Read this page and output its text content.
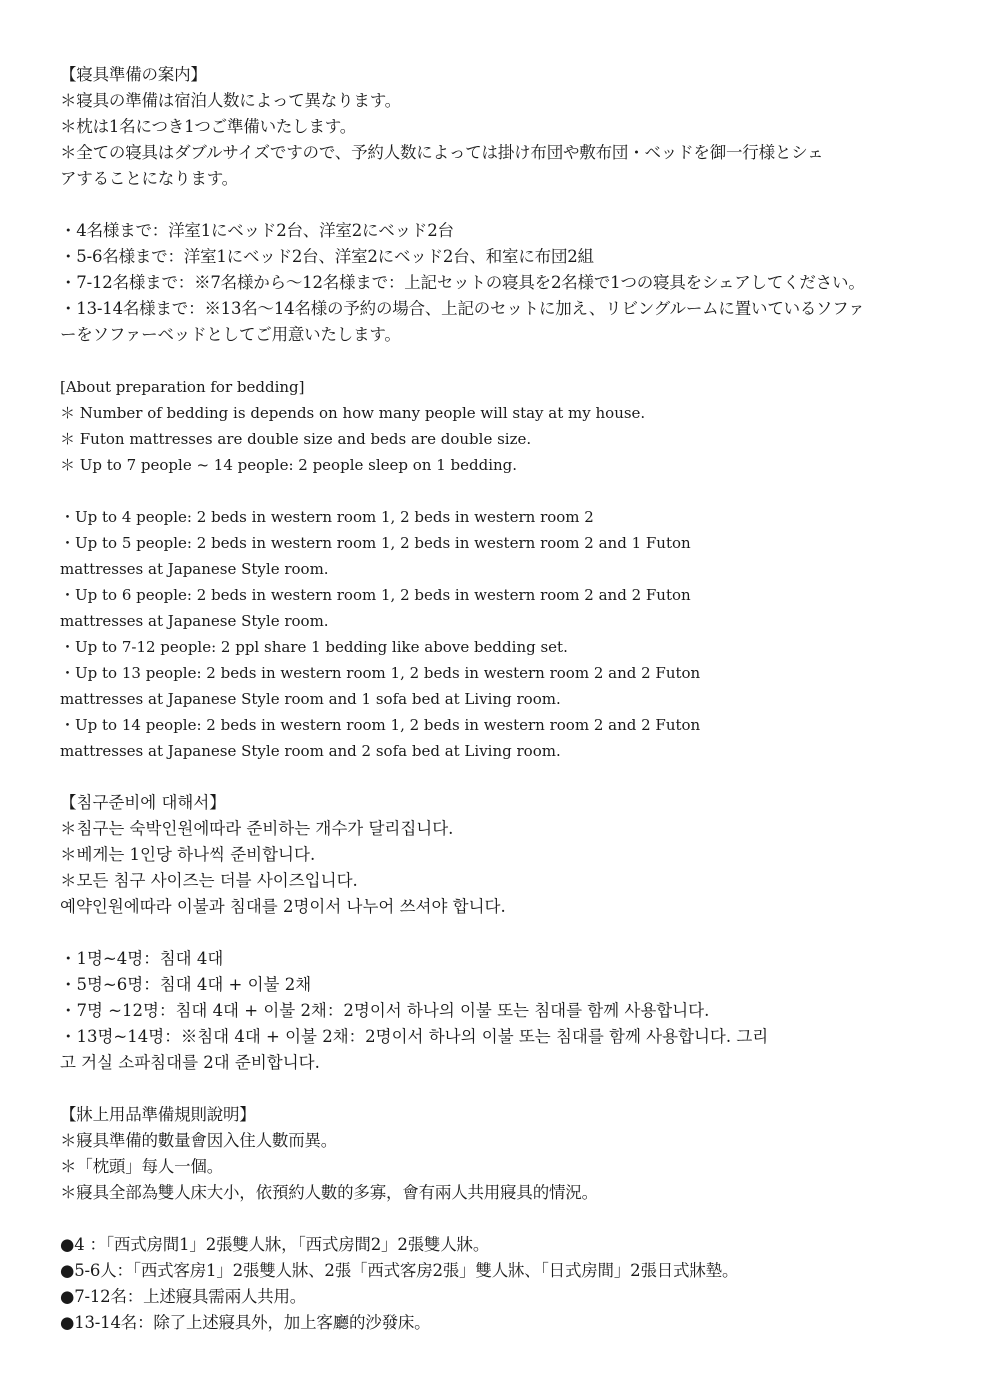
【寝具準備の案内】
＊寝具の準備は宿泊人数によって異なります。
＊枕は1名につき1つご準備いたします。
＊全ての寝具はダブルサイズですので、予約人数によっては掛け布団や敷布団・ベッドを御一行様とシェ
アすることになります。
・4名様まで：洋室1にベッド2台、洋室2にベッド2台
・5-6名様まで：洋室1にベッド2台、洋室2にベッド2台、和室に布団2組
・7-12名様まで：※7名様から～12名様まで：上記セットの寝具を2名様で1つの寝具をシェアしてください。
・13-14名様まで：※13名～14名様の予約の場合、上記のセットに加え、リビングルームに置いているソファ
ーをソファーベッドとしてご用意いたします。
[About preparation for bedding]
＊ Number of bedding is depends on how many people will stay at my house.
＊ Futon mattresses are double size and beds are double size.
＊ Up to 7 people ~ 14 people: 2 people sleep on 1 bedding.
・Up to 4 people: 2 beds in western room 1, 2 beds in western room 2
・Up to 5 people: 2 beds in western room 1, 2 beds in western room 2 and 1 Futon
mattresses at Japanese Style room.
・Up to 6 people: 2 beds in western room 1, 2 beds in western room 2 and 2 Futon
mattresses at Japanese Style room.
・Up to 7-12 people: 2 ppl share 1 bedding like above bedding set.
・Up to 13 people: 2 beds in western room 1, 2 beds in western room 2 and 2 Futon
mattresses at Japanese Style room and 1 sofa bed at Living room.
・Up to 14 people: 2 beds in western room 1, 2 beds in western room 2 and 2 Futon
mattresses at Japanese Style room and 2 sofa bed at Living room.
【침구준비에 대해서】
＊침구는 숙박인원에따라 준비하는 개수가 달리집니다.
＊베게는 1인당 하나씩 준비합니다.
＊모든 침구 사이즈는 더블 사이즈입니다.
예약인원에따라 이불과 침대를 2명이서 나누어 쓰셔야 합니다.
・1명~4명：침대 4대
・5명~6명：침대 4대 + 이불 2채
・7명 ~12명：침대 4대 + 이불 2채：2명이서 하나의 이불 또는 침대를 함께 사용합니다.
・13명~14명：※침대 4대 + 이불 2채：2명이서 하나의 이불 또는 침대를 함께 사용합니다. 그리
고 거실 소파침대를 2대 준비합니다.
【牀上用品準備規則說明】
＊寢具準備的數量會因入住人數而異。
＊「枕頭」每人一個。
＊寢具全部為雙人床大小，依預約人數的多寡，會有兩人共用寢具的情況。
●4 ：「西式房間1」2張雙人牀，「西式房間2」2張雙人牀。
●5-6人：「西式客房1」2張雙人牀、2張「西式客房2張」雙人牀、「日式房間」2張日式牀墊。
●7-12名：上述寢具需兩人共用。
●13-14名：除了上述寢具外，加上客廳的沙發床。
